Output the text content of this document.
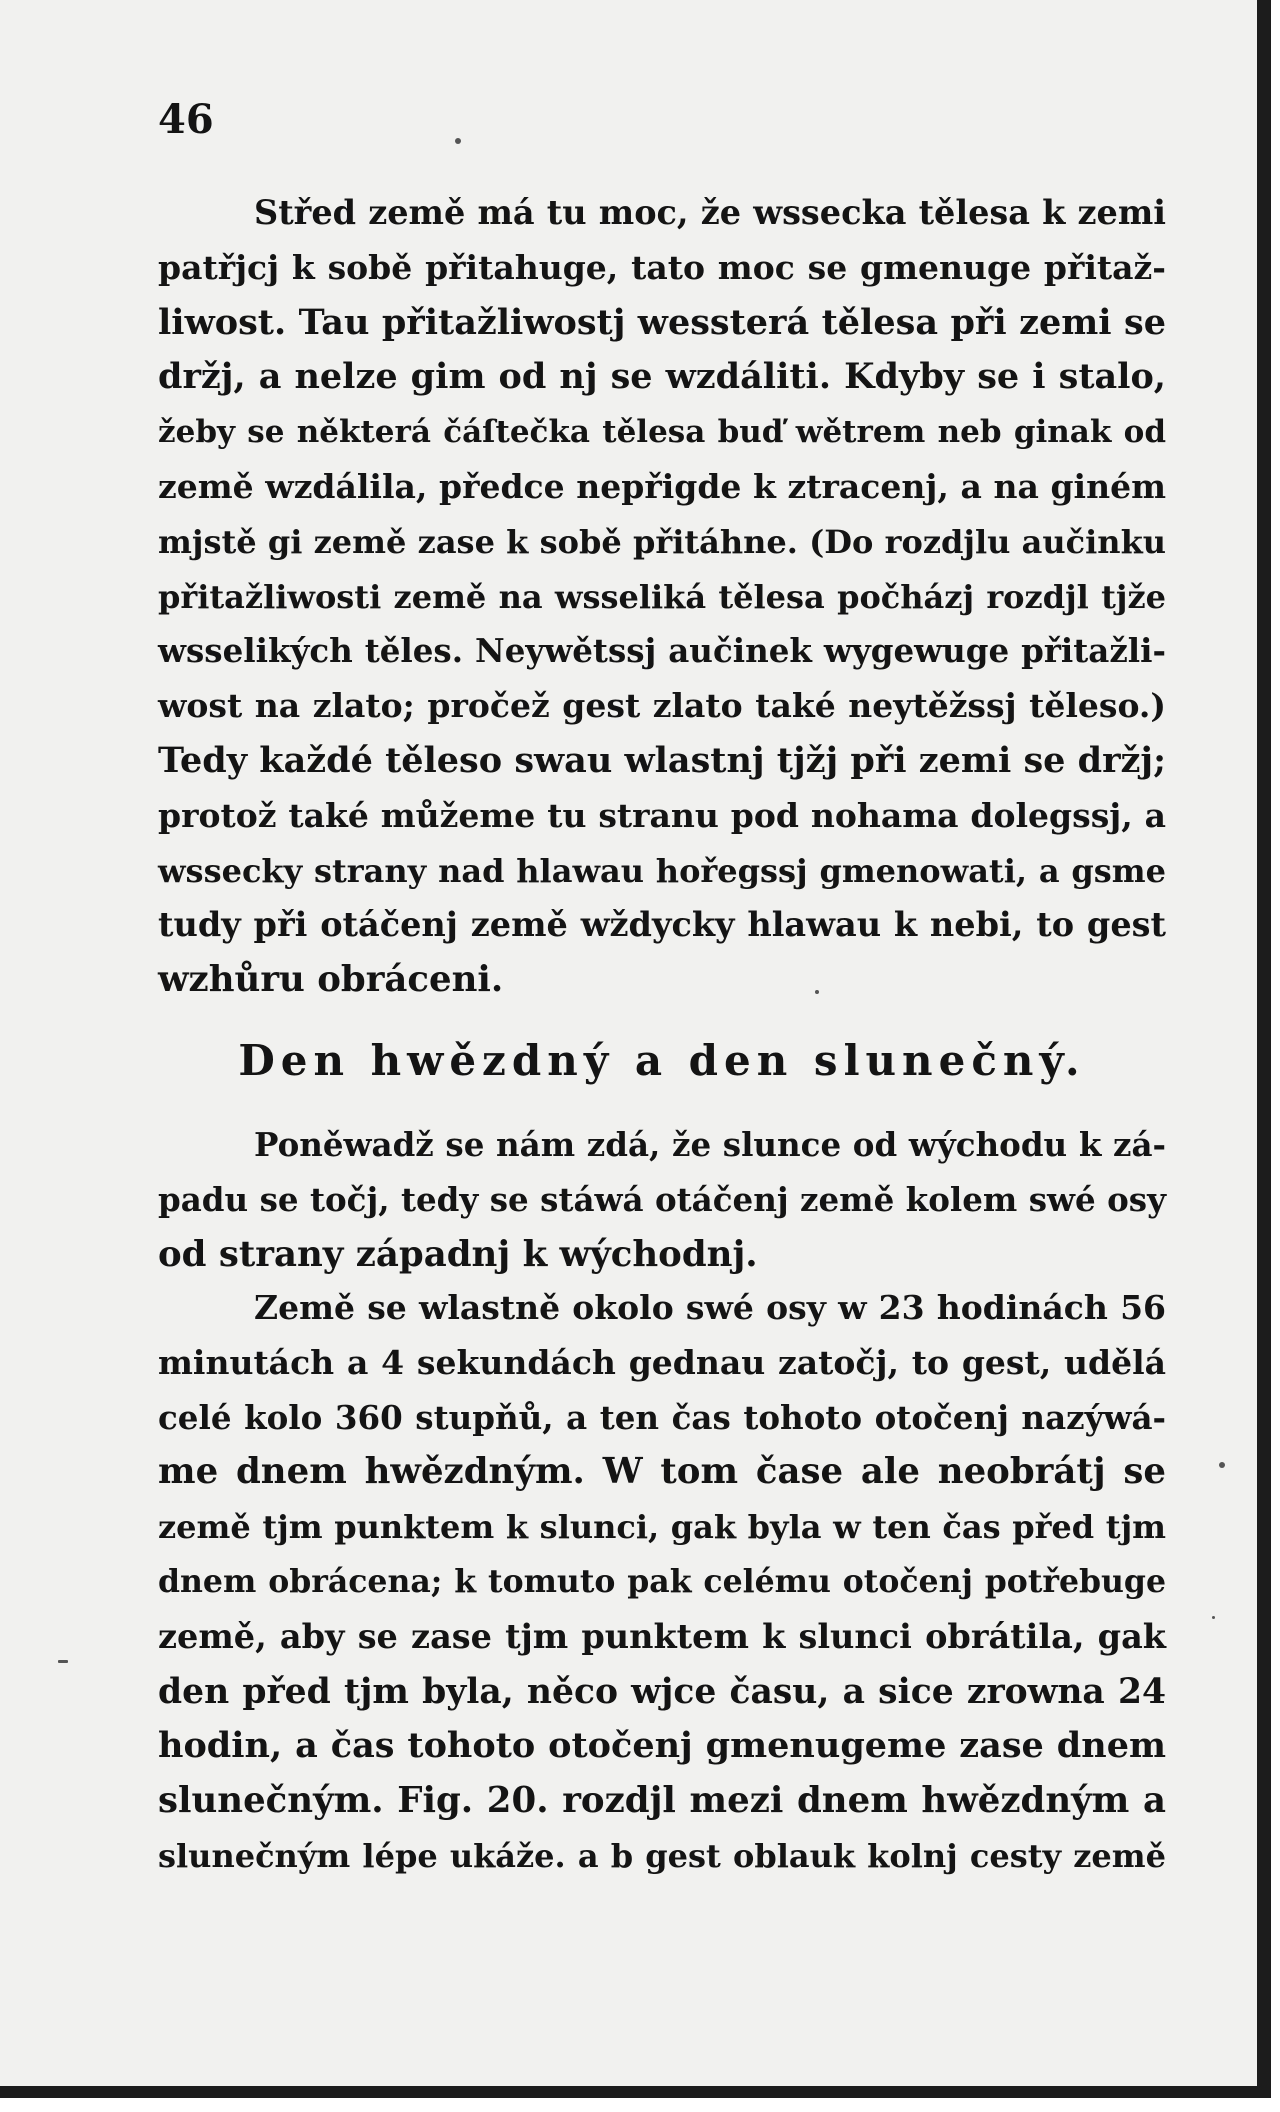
46
Střed země má tu moc, že wssecka tělesa k zemi
patřjcj k sobě přitahuge, tato moc se gmenuge přitaž-
liwost. Tau přitažliwostj wessterá tělesa při zemi se
držj, a nelze gim od nj se wzdáliti. Kdyby se i stalo,
žeby se některá čáſtečka tělesa buď wětrem neb ginak od
země wzdálila, předce nepřigde k ztracenj, a na giném
mjstě gi země zase k sobě přitáhne. (Do rozdjlu aučinku
přitažliwosti země na wsseliká tělesa počházj rozdjl tjže
wsselikých těles. Neywětssj aučinek wygewuge přitažli-
wost na zlato; pročež gest zlato také neytěžssj těleso.)
Tedy každé těleso swau wlastnj tjžj při zemi se držj;
protož také můžeme tu stranu pod nohama dolegssj, a
wssecky strany nad hlawau hořegssj gmenowati, a gsme
tudy při otáčenj země wždycky hlawau k nebi, to gest
wzhůru obráceni.
Den hwězdný a den slunečný.
Poněwadž se nám zdá, že slunce od wýchodu k zá-
padu se točj, tedy se stáwá otáčenj země kolem swé osy
od strany západnj k wýchodnj.
Země se wlastně okolo swé osy w 23 hodinách 56
minutách a 4 sekundách gednau zatočj, to gest, udělá
celé kolo 360 stupňů, a ten čas tohoto otočenj nazýwá-
me dnem hwězdným. W tom čase ale neobrátj se
země tjm punktem k slunci, gak byla w ten čas před tjm
dnem obrácena; k tomuto pak celému otočenj potřebuge
země, aby se zase tjm punktem k slunci obrátila, gak
den před tjm byla, něco wjce času, a sice zrowna 24
hodin, a čas tohoto otočenj gmenugeme zase dnem
slunečným. Fig. 20. rozdjl mezi dnem hwězdným a
slunečným lépe ukáže. a b gest oblauk kolnj cesty země
